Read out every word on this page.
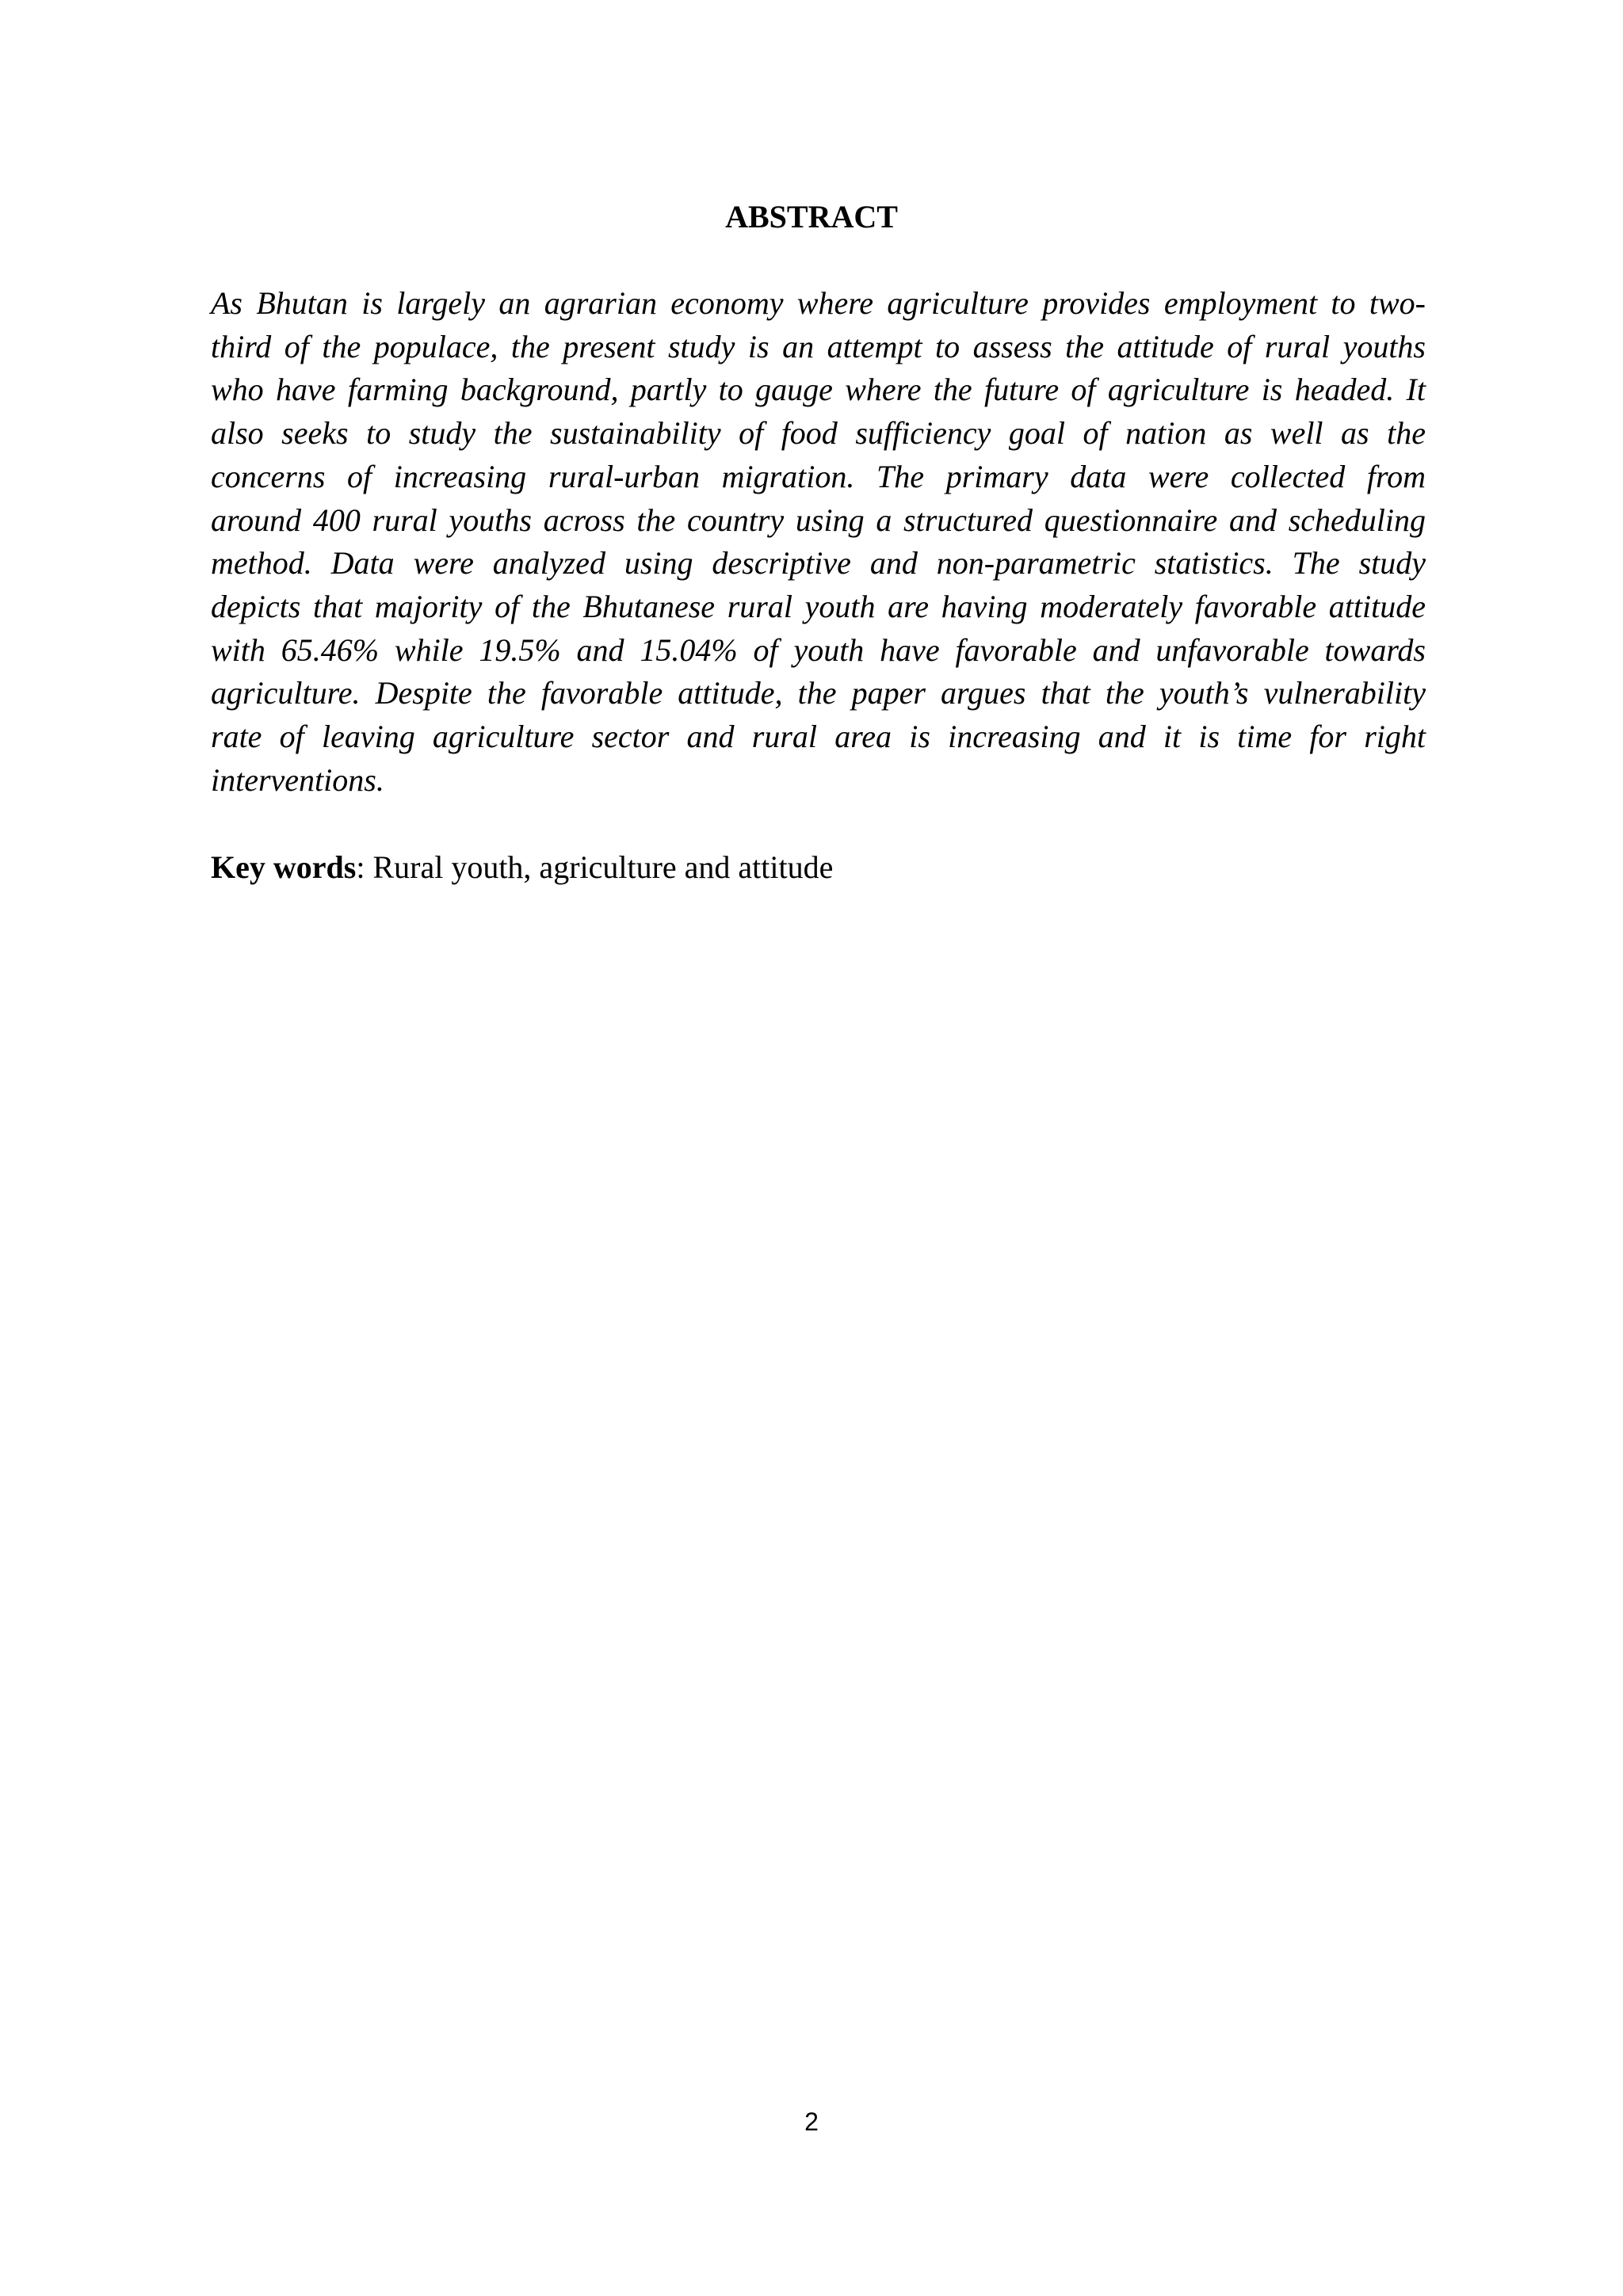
ABSTRACT
As Bhutan is largely an agrarian economy where agriculture provides employment to two-
third of the populace, the present study is an attempt to assess the attitude of rural youths
who have farming background, partly to gauge where the future of agriculture is headed. It
also seeks to study the sustainability of food sufficiency goal of nation as well as the
concerns of increasing rural-urban migration. The primary data were collected from
around 400 rural youths across the country using a structured questionnaire and scheduling
method. Data were analyzed using descriptive and non-parametric statistics. The study
depicts that majority of the Bhutanese rural youth are having moderately favorable attitude
with 65.46% while 19.5% and 15.04% of youth have favorable and unfavorable towards
agriculture. Despite the favorable attitude, the paper argues that the youth’s vulnerability
rate of leaving agriculture sector and rural area is increasing and it is time for right
interventions.

Key words: Rural youth, agriculture and attitude

2
